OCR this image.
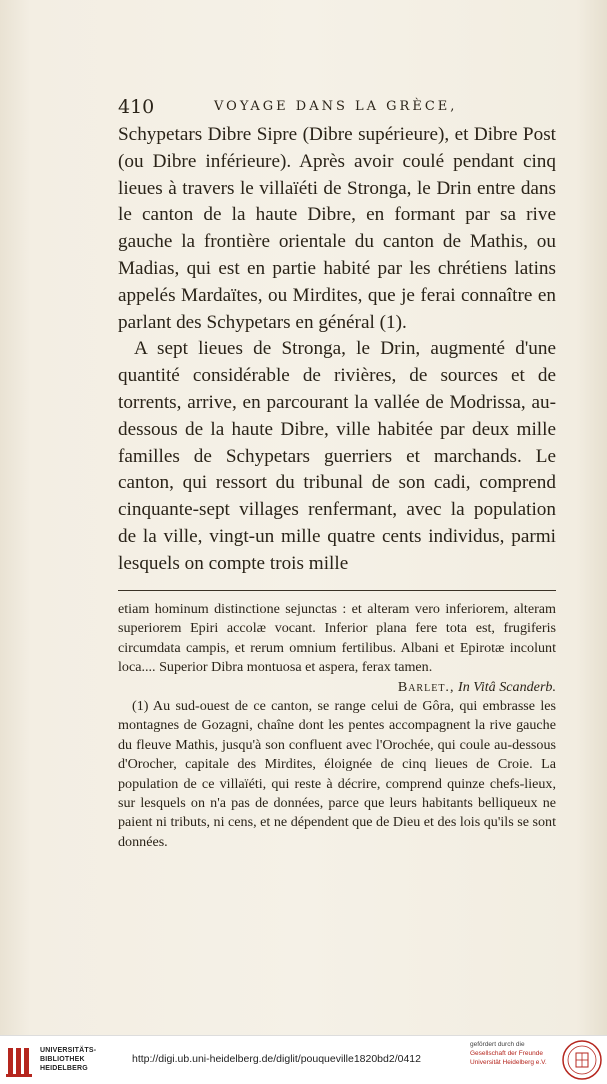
410	VOYAGE DANS LA GRÈCE,

Schypetars Dibre Sipre (Dibre supérieure), et Dibre Post (ou Dibre inférieure). Après avoir coulé pendant cinq lieues à travers le villaïéti de Stronga, le Drin entre dans le canton de la haute Dibre, en formant par sa rive gauche la frontière orientale du canton de Mathis, ou Madias, qui est en partie habité par les chrétiens latins appelés Mardaïtes, ou Mirdites, que je ferai connaître en parlant des Schypetars en général (1).

A sept lieues de Stronga, le Drin, augmenté d'une quantité considérable de rivières, de sources et de torrents, arrive, en parcourant la vallée de Modrissa, au-dessous de la haute Dibre, ville habitée par deux mille familles de Schypetars guerriers et marchands. Le canton, qui ressort du tribunal de son cadi, comprend cinquante-sept villages renfermant, avec la population de la ville, vingt-un mille quatre cents individus, parmi lesquels on compte trois mille

etiam hominum distinctione sejunctas : et alteram vero inferiorem, alteram superiorem Epiri accolæ vocant. Inferior plana fere tota est, frugiferis circumdata campis, et rerum omnium fertilibus. Albani et Epirotæ incolunt loca.... Superior Dibra montuosa et aspera, ferax tamen.

Barlet., In Vitâ Scanderb.

(1) Au sud-ouest de ce canton, se range celui de Gôra, qui embrasse les montagnes de Gozagni, chaîne dont les pentes accompagnent la rive gauche du fleuve Mathis, jusqu'à son confluent avec l'Orochée, qui coule au-dessous d'Orocher, capitale des Mirdites, éloignée de cinq lieues de Croie. La population de ce villaïéti, qui reste à décrire, comprend quinze chefs-lieux, sur lesquels on n'a pas de données, parce que leurs habitants belliqueux ne paient ni tributs, ni cens, et ne dépendent que de Dieu et des lois qu'ils se sont données.

UNIVERSITÄTS-
BIBLIOTHEK
HEIDELBERG
http://digi.ub.uni-heidelberg.de/diglit/pouqueville1820bd2/0412
gefördert durch die
Gesellschaft der Freunde
Universität Heidelberg e.V.
